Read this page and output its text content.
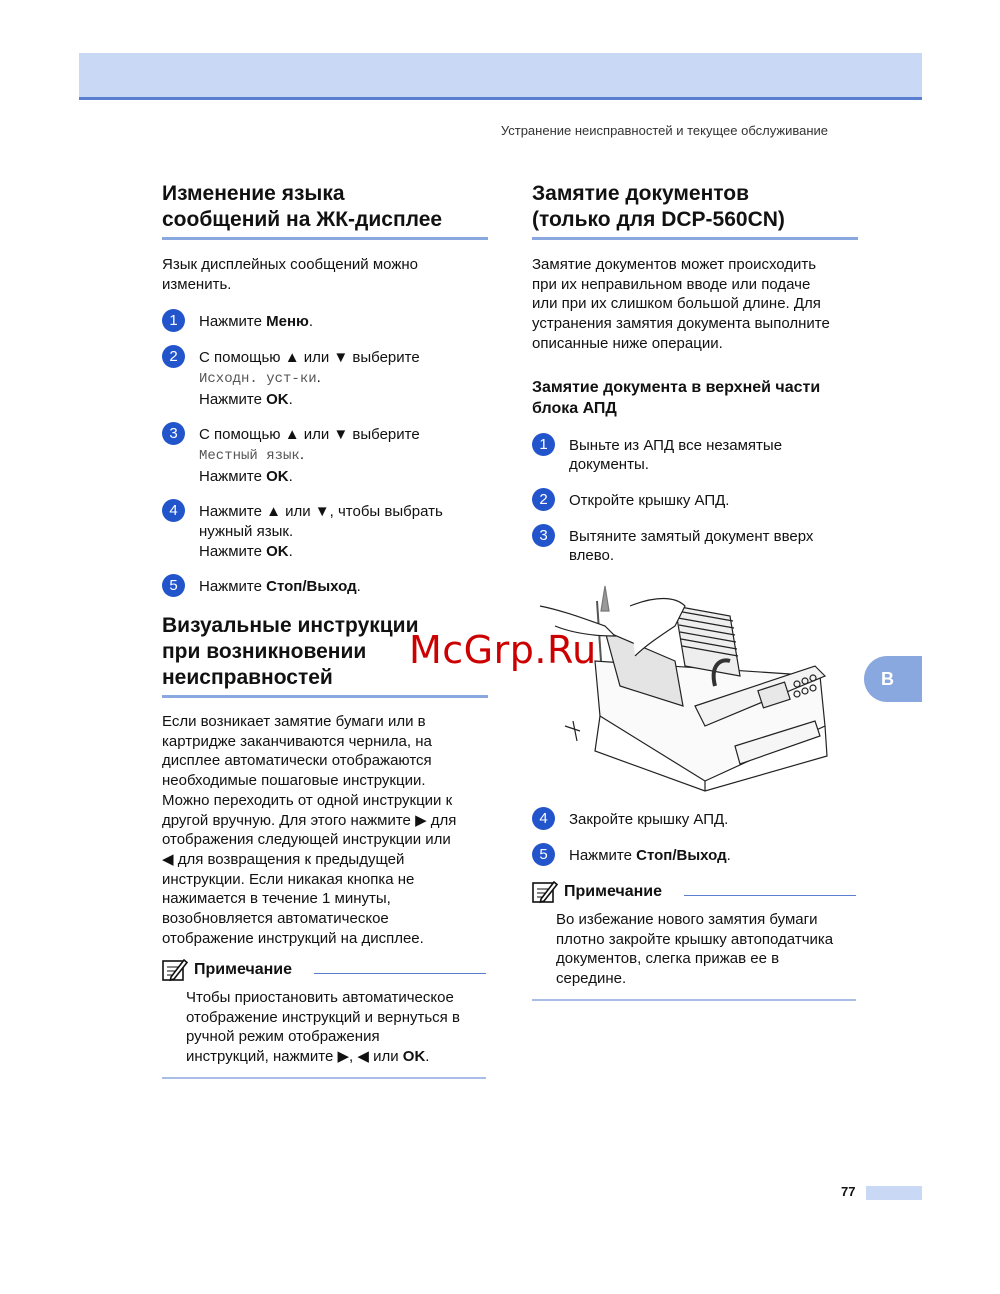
Устранение неисправностей и текущее обслуживание
Изменение языка
сообщений на ЖК-дисплее

Язык дисплейных сообщений можно
изменить.

1	Нажмите Меню.
2	С помощью ▲ или ▼ выберите
Исходн. уст-ки.
Нажмите OK.
3	С помощью ▲ или ▼ выберите
Местный язык.
Нажмите OK.
4	Нажмите ▲ или ▼, чтобы выбрать
нужный язык.
Нажмите OK.
5	Нажмите Стоп/Выход.
Визуальные инструкции
при возникновении
неисправностей

Если возникает замятие бумаги или в
картридже заканчиваются чернила, на
дисплее автоматически отображаются
необходимые пошаговые инструкции.
Можно переходить от одной инструкции к
другой вручную. Для этого нажмите ▶ для
отображения следующей инструкции или
◀ для возвращения к предыдущей
инструкции. Если никакая кнопка не
нажимается в течение 1 минуты,
возобновляется автоматическое
отображение инструкций на дисплее.

Примечание
Чтобы приостановить автоматическое
отображение инструкций и вернуться в
ручной режим отображения
инструкций, нажмите ▶, ◀ или OK.
Замятие документов
(только для DCP-560CN)

Замятие документов может происходить
при их неправильном вводе или подаче
или при их слишком большой длине. Для
устранения замятия документа выполните
описанные ниже операции.

Замятие документа в верхней части
блока АПД
1	Выньте из АПД все незамятые
документы.
2	Откройте крышку АПД.
3	Вытяните замятый документ вверх
влево.
4	Закройте крышку АПД.
5	Нажмите Стоп/Выход.
Примечание
Во избежание нового замятия бумаги
плотно закройте крышку автоподатчика
документов, слегка прижав ее в
середине.
B
McGrp.Ru
77
